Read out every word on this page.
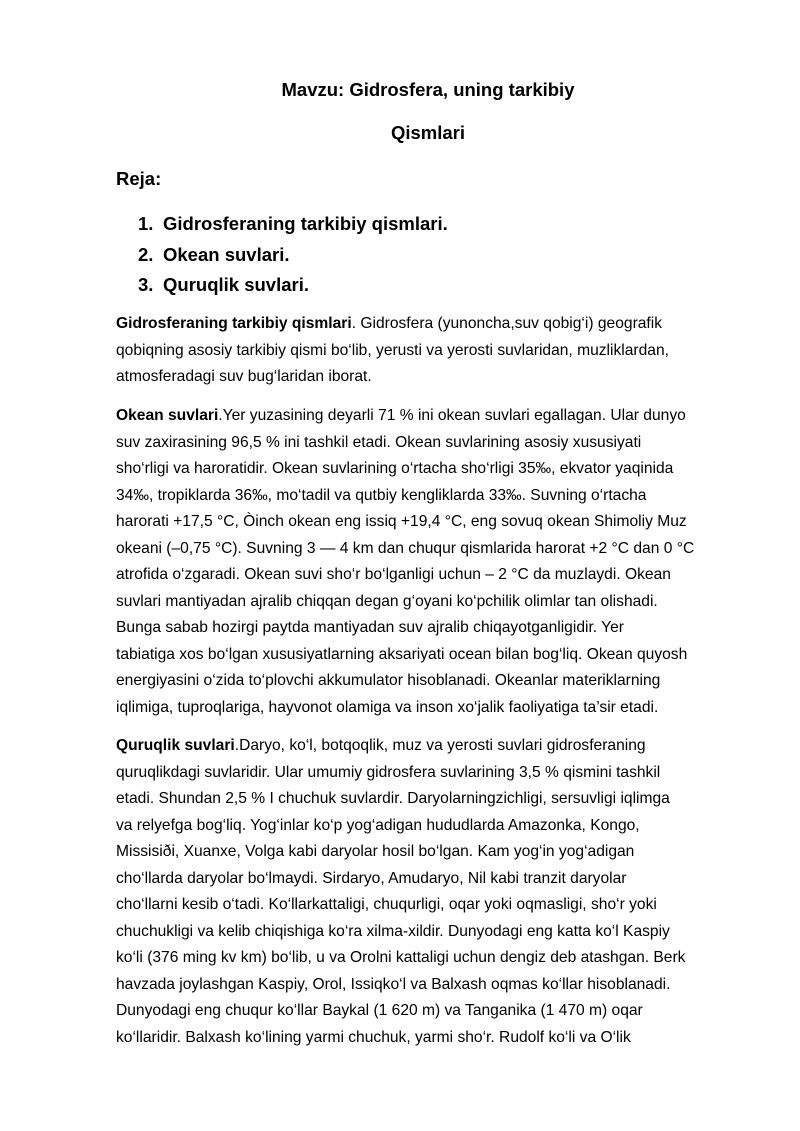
Mavzu: Gidrosfera, uning tarkibiy
Qismlari
Reja:
1. Gidrosferaning tarkibiy qismlari.
2. Okean suvlari.
3. Quruqlik suvlari.
Gidrosferaning tarkibiy qismlari. Gidrosfera (yunoncha,suv qobig‘i) geografik
qobiqning asosiy tarkibiy qismi bo‘lib, yerusti va yerosti suvlaridan, muzliklardan,
atmosferadagi suv bug‘laridan iborat.
Okean suvlari.Yer yuzasining deyarli 71 % ini okean suvlari egallagan. Ular dunyo
suv zaxirasining 96,5 % ini tashkil etadi. Okean suvlarining asosiy xususiyati
sho‘rligi va haroratidir. Okean suvlarining o‘rtacha sho‘rligi 35‰, ekvator yaqinida
34‰, tropiklarda 36‰, mo‘tadil va qutbiy kengliklarda 33‰. Suvning o‘rtacha
harorati +17,5 °C, Òinch okean eng issiq +19,4 °C, eng sovuq okean Shimoliy Muz
okeani (–0,75 °C). Suvning 3 — 4 km dan chuqur qismlarida harorat +2 °C dan 0 °C
atrofida o‘zgaradi. Okean suvi sho‘r bo‘lganligi uchun – 2 °C da muzlaydi. Okean
suvlari mantiyadan ajralib chiqqan degan g‘oyani ko‘pchilik olimlar tan olishadi.
Bunga sabab hozirgi paytda mantiyadan suv ajralib chiqayotganligidir. Yer
tabiatiga xos bo‘lgan xususiyatlarning aksariyati ocean bilan bog‘liq. Okean quyosh
energiyasini o‘zida to‘plovchi akkumulator hisoblanadi. Okeanlar materiklarning
iqlimiga, tuproqlariga, hayvonot olamiga va inson xo‘jalik faoliyatiga ta’sir etadi.
Quruqlik suvlari.Daryo, ko‘l, botqoqlik, muz va yerosti suvlari gidrosferaning
quruqlikdagi suvlaridir. Ular umumiy gidrosfera suvlarining 3,5 % qismini tashkil
etadi. Shundan 2,5 % I chuchuk suvlardir. Daryolarningzichligi, sersuvligi iqlimga
va relyefga bog‘liq. Yog‘inlar ko‘p yog‘adigan hududlarda Amazonka, Kongo,
Missisiði, Xuanxe, Volga kabi daryolar hosil bo‘lgan. Kam yog‘in yog‘adigan
cho‘llarda daryolar bo‘lmaydi. Sirdaryo, Amudaryo, Nil kabi tranzit daryolar
cho‘llarni kesib o‘tadi. Ko‘llarkattaligi, chuqurligi, oqar yoki oqmasligi, sho‘r yoki
chuchukligi va kelib chiqishiga ko‘ra xilma-xildir. Dunyodagi eng katta ko‘l Kaspiy
ko‘li (376 ming kv km) bo‘lib, u va Orolni kattaligi uchun dengiz deb atashgan. Berk
havzada joylashgan Kaspiy, Orol, Issiqko‘l va Balxash oqmas ko‘llar hisoblanadi.
Dunyodagi eng chuqur ko‘llar Baykal (1 620 m) va Tanganika (1 470 m) oqar
ko‘llaridir. Balxash ko‘lining yarmi chuchuk, yarmi sho‘r. Rudolf ko‘li va O‘lik
